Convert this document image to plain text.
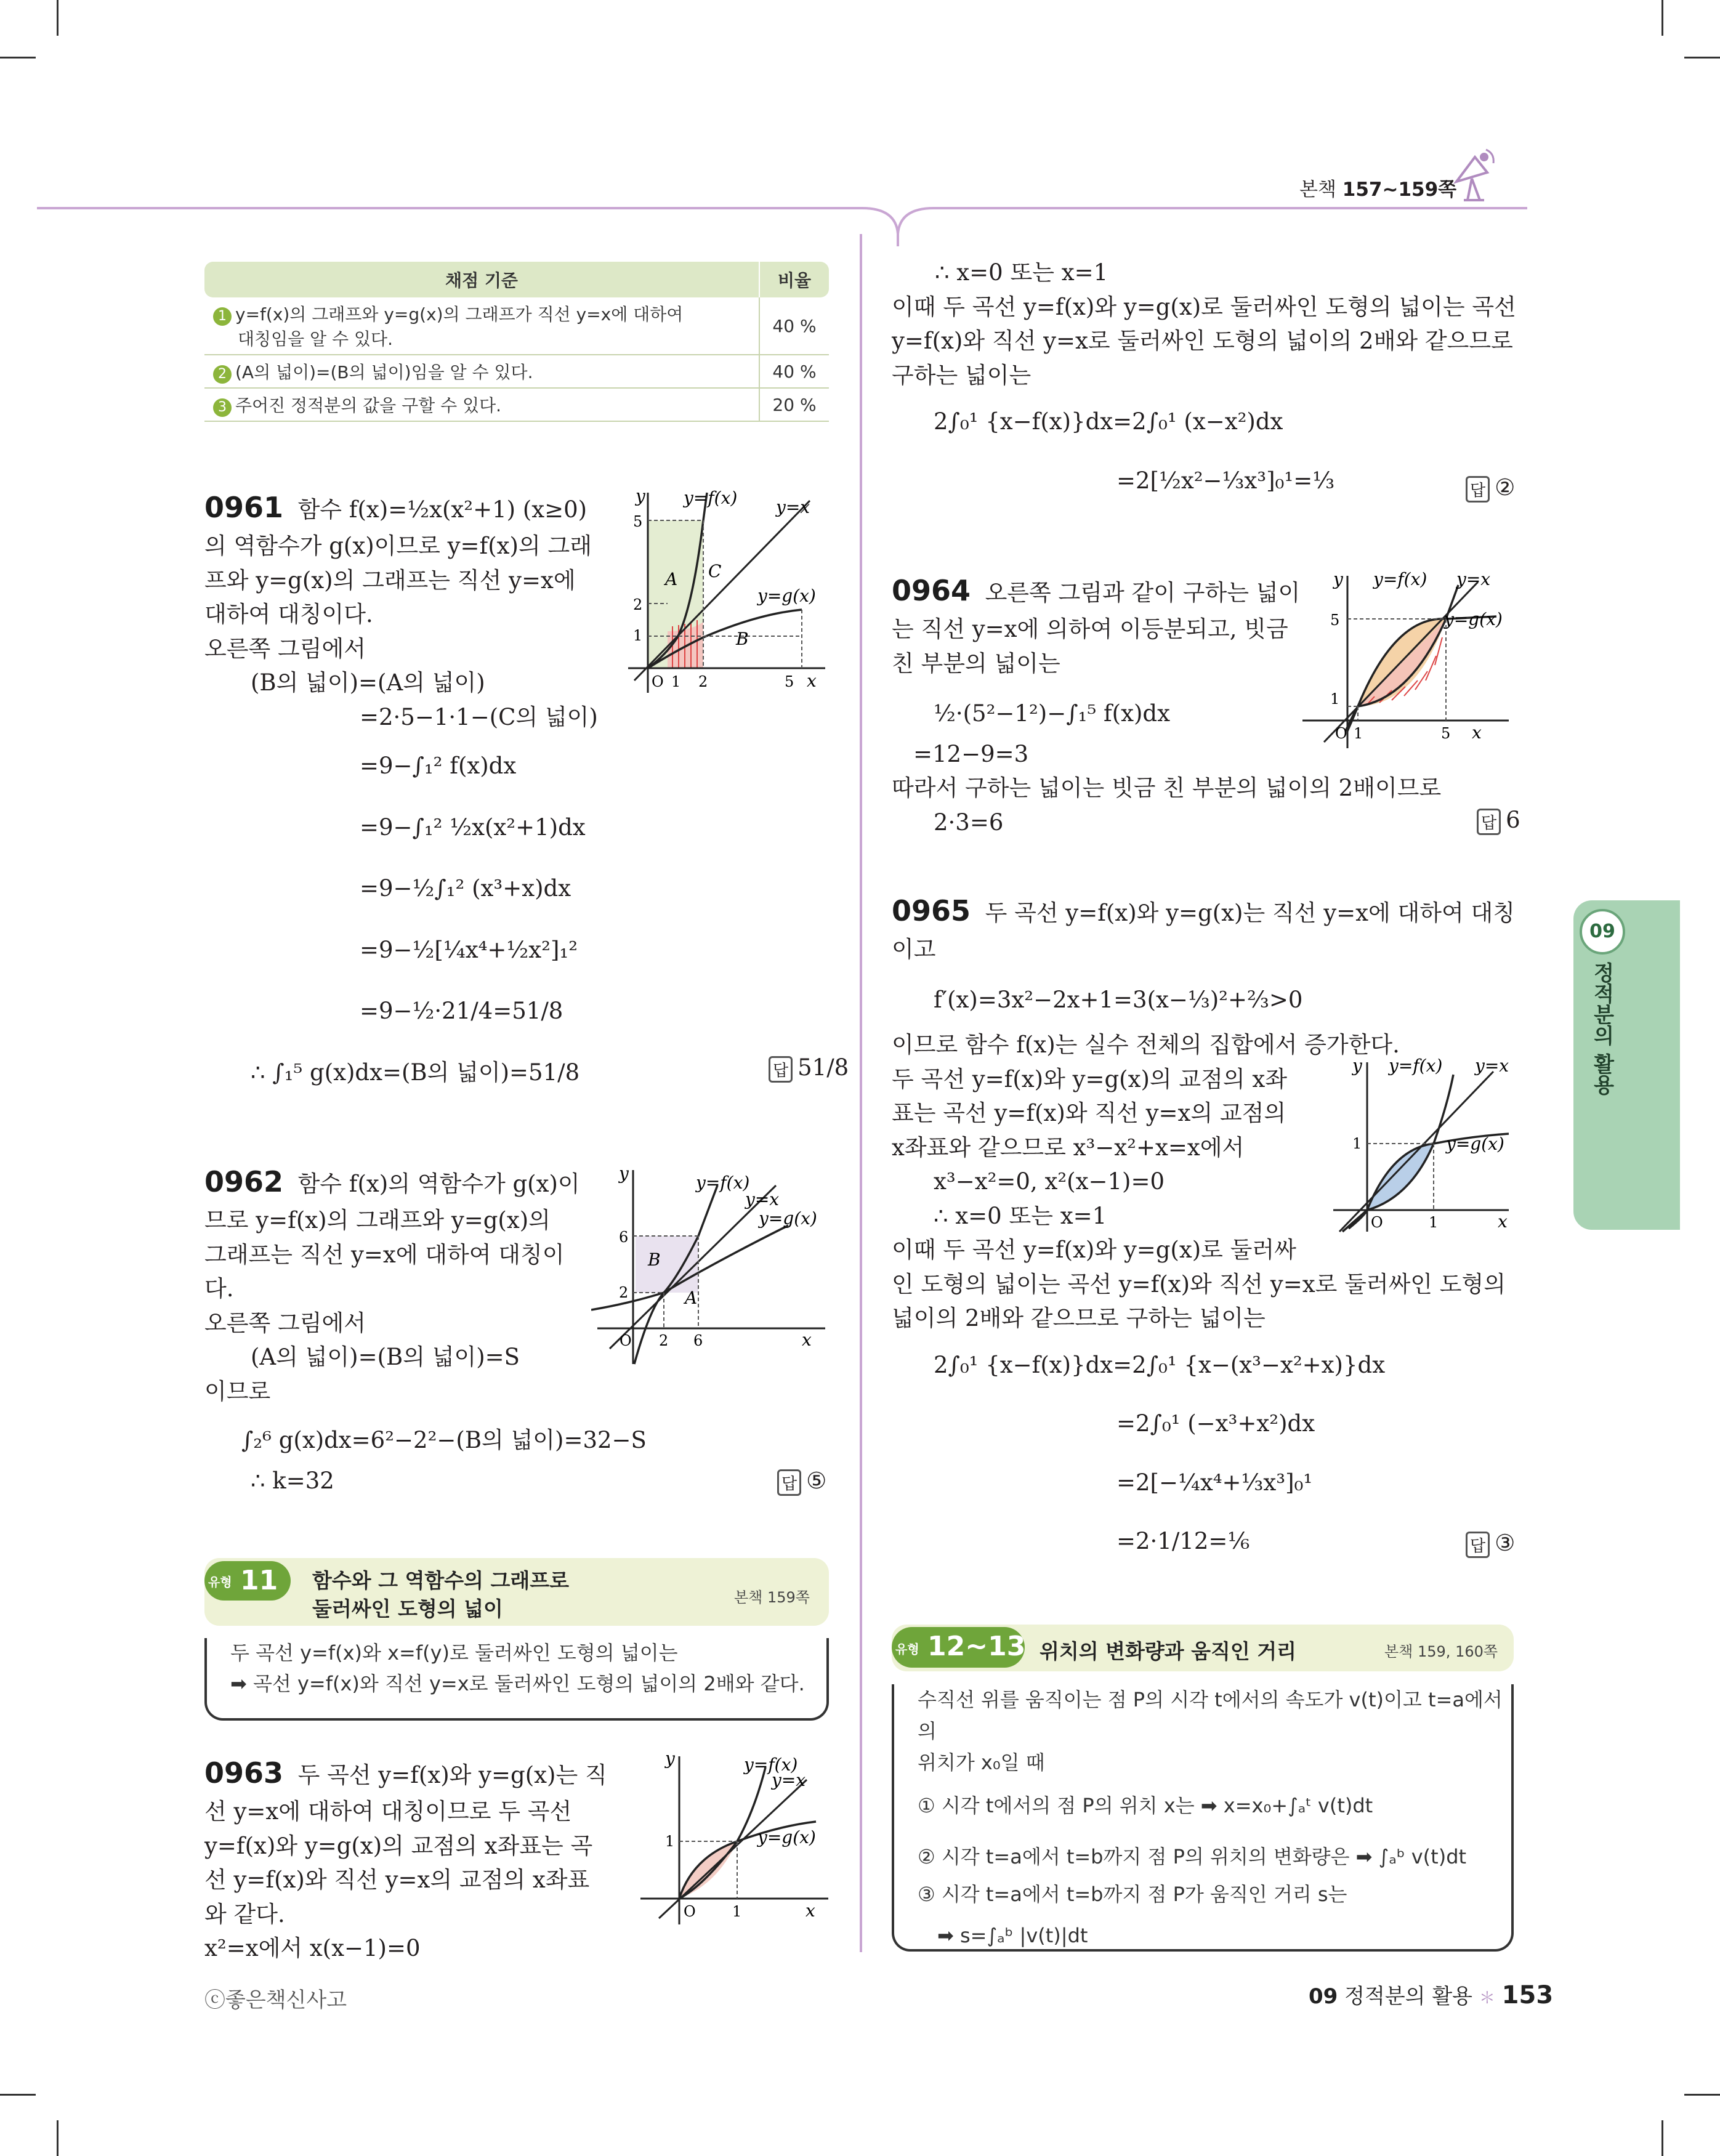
본책 157~159쪽
09
정적분의 활용
채점 기준	비율
1 y=f(x)의 그래프와 y=g(x)의 그래프가 직선 y=x에 대하여
대칭임을 알 수 있다.	40 %
2 (A의 넓이)=(B의 넓이)임을 알 수 있다.	40 %
3 주어진 정적분의 값을 구할 수 있다.	20 %
0961 함수 f(x)=½x(x²+1) (x≥0)
의 역함수가 g(x)이므로 y=f(x)의 그래
프와 y=g(x)의 그래프는 직선 y=x에
대하여 대칭이다.
오른쪽 그림에서
(B의 넓이)=(A의 넓이)
=2·5−1·1−(C의 넓이)
=9−∫₁² f(x)dx
=9−∫₁² ½x(x²+1)dx
=9−½∫₁² (x³+x)dx
=9−½[¼x⁴+½x²]₁²
=9−½·21/4=51/8
∴ ∫₁⁵ g(x)dx=(B의 넓이)=51/8	답 51/8
y y=f(x) y=x
y=g(x)
A
B
C
5
2
1
O 1 2	5 x
0962 함수 f(x)의 역함수가 g(x)이
므로 y=f(x)의 그래프와 y=g(x)의
그래프는 직선 y=x에 대하여 대칭이
다.
오른쪽 그림에서
(A의 넓이)=(B의 넓이)=S
이므로
∫₂⁶ g(x)dx=6²−2²−(B의 넓이)=32−S
∴ k=32	답 ⑤
y	y=f(x)
y=x
y=g(x)
B
A
6
2
O 2 6	x
유형 11 함수와 그 역함수의 그래프로
둘러싸인 도형의 넓이	본책 159쪽
두 곡선 y=f(x)와 x=f(y)로 둘러싸인 도형의 넓이는
➡ 곡선 y=f(x)와 직선 y=x로 둘러싸인 도형의 넓이의 2배와 같다.
0963 두 곡선 y=f(x)와 y=g(x)는 직
선 y=x에 대하여 대칭이므로 두 곡선
y=f(x)와 y=g(x)의 교점의 x좌표는 곡
선 y=f(x)와 직선 y=x의 교점의 x좌표
와 같다.
x²=x에서 x(x−1)=0
y	y=f(x)
y=x
y=g(x)
1
O 1	x
∴ x=0 또는 x=1
이때 두 곡선 y=f(x)와 y=g(x)로 둘러싸인 도형의 넓이는 곡선
y=f(x)와 직선 y=x로 둘러싸인 도형의 넓이의 2배와 같으므로
구하는 넓이는
2∫₀¹ {x−f(x)}dx=2∫₀¹ (x−x²)dx
=2[½x²−⅓x³]₀¹=⅓	답 ②
0964 오른쪽 그림과 같이 구하는 넓이
는 직선 y=x에 의하여 이등분되고, 빗금
친 부분의 넓이는
½·(5²−1²)−∫₁⁵ f(x)dx
=12−9=3
따라서 구하는 넓이는 빗금 친 부분의 넓이의 2배이므로
2·3=6	답 6
y y=f(x) y=x
y=g(x)
5
1
O 1	5 x
0965 두 곡선 y=f(x)와 y=g(x)는 직선 y=x에 대하여 대칭
이고
f′(x)=3x²−2x+1=3(x−⅓)²+⅔>0
이므로 함수 f(x)는 실수 전체의 집합에서 증가한다.
두 곡선 y=f(x)와 y=g(x)의 교점의 x좌
표는 곡선 y=f(x)와 직선 y=x의 교점의
x좌표와 같으므로 x³−x²+x=x에서
x³−x²=0, x²(x−1)=0
∴ x=0 또는 x=1
이때 두 곡선 y=f(x)와 y=g(x)로 둘러싸
인 도형의 넓이는 곡선 y=f(x)와 직선 y=x로 둘러싸인 도형의
넓이의 2배와 같으므로 구하는 넓이는
2∫₀¹ {x−f(x)}dx=2∫₀¹ {x−(x³−x²+x)}dx
=2∫₀¹ (−x³+x²)dx
=2[−¼x⁴+⅓x³]₀¹
=2·1/12=⅙	답 ③
y y=f(x) y=x
y=g(x)
1
O	1	x
유형 12~13 위치의 변화량과 움직인 거리	본책 159, 160쪽
수직선 위를 움직이는 점 P의 시각 t에서의 속도가 v(t)이고 t=a에서의
위치가 x₀일 때
① 시각 t에서의 점 P의 위치 x는 ➡ x=x₀+∫ₐᵗ v(t)dt
② 시각 t=a에서 t=b까지 점 P의 위치의 변화량은 ➡ ∫ₐᵇ v(t)dt
③ 시각 t=a에서 t=b까지 점 P가 움직인 거리 s는
➡ s=∫ₐᵇ |v(t)|dt
ⓒ좋은책신사고	09 정적분의 활용 ＊ 153
